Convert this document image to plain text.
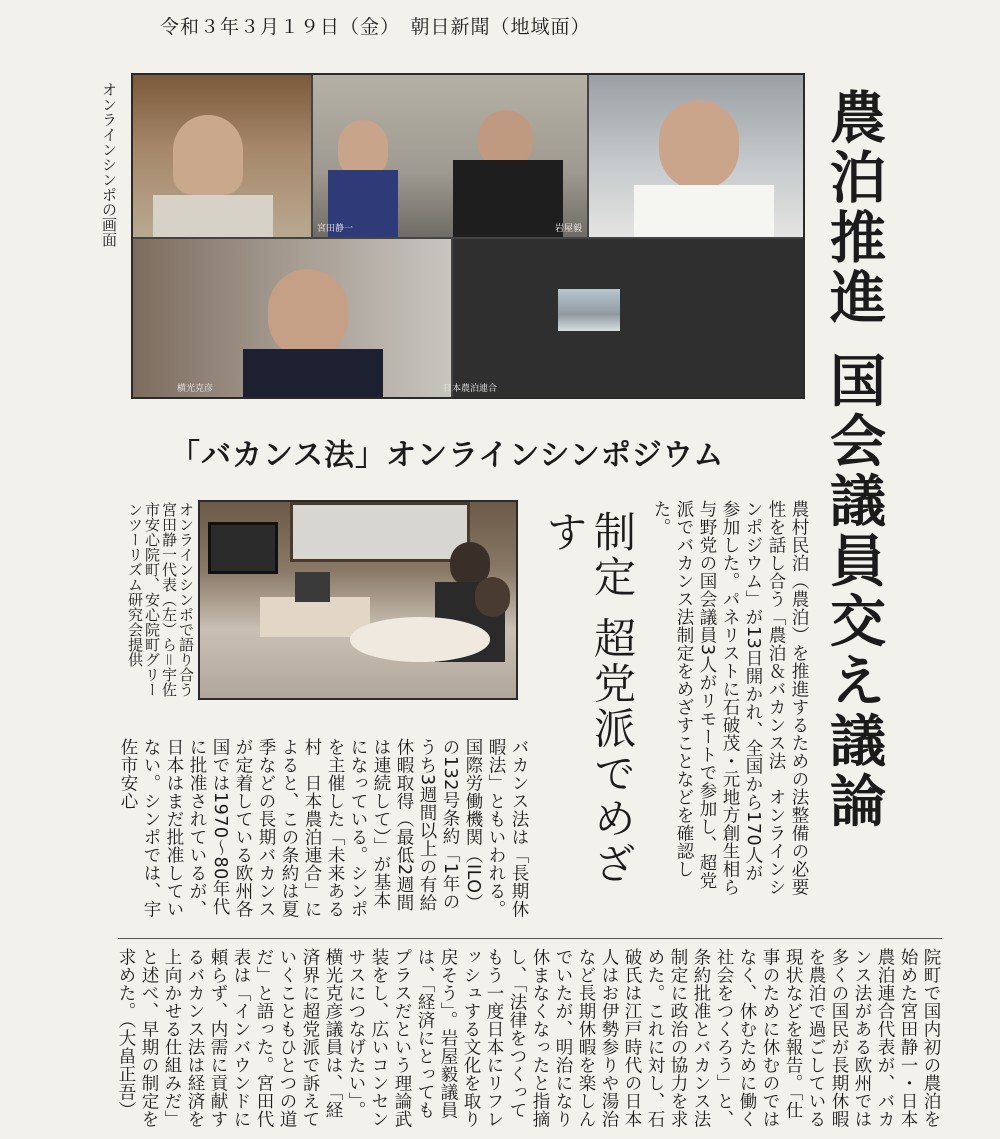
令和３年３月１９日（金）　朝日新聞（地域面）
宮田静一	岩屋毅
横光克彦	日本農泊連合
オンラインシンポの画面	農泊推進 国会議員交え議論
「バカンス法」オンラインシンポジウム
制定 超党派でめざす	農村民泊（農泊）を推進するための法整備の必要性を話し合う「農泊＆バカンス法　オンラインシンポジウム」が13日開かれ、全国から170人が参加した。パネリストに石破茂・元地方創生相ら与野党の国会議員3人がリモートで参加し、超党派でバカンス法制定をめざすことなどを確認した。
オンラインシンポで語り合う宮田静一代表（左）ら＝宇佐市安心院町、安心院町グリーンツーリズム研究会提供
バカンス法は「長期休暇法」ともいわれる。国際労働機関（ILO）の132号条約「1年のうち3週間以上の有給休暇取得（最低2週間は連続して）」が基本になっている。シンポを主催した「未来ある村　日本農泊連合」によると、この条約は夏季などの長期バカンスが定着している欧州各国では1970〜80年代に批准されているが、日本はまだ批准していない。シンポでは、宇佐市安心
院町で国内初の農泊を始めた宮田静一・日本農泊連合代表が、バカンス法がある欧州では多くの国民が長期休暇を農泊で過ごしている現状などを報告。「仕事のために休むのではなく、休むために働く社会をつくろう」と、条約批准とバカンス法制定に政治の協力を求めた。これに対し、石破氏は江戸時代の日本人はお伊勢参りや湯治など長期休暇を楽しんでいたが、明治になり休まなくなったと指摘し、「法律をつくってもう一度日本にリフレッシュする文化を取り戻そう」。岩屋毅議員は、「経済にとってもプラスだという理論武装をし、広いコンセンサスにつなげたい」。横光克彦議員は、「経済界に超党派で訴えていくこともひとつの道だ」と語った。宮田代表は「インバウンドに頼らず、内需に貢献するバカンス法は経済を上向かせる仕組みだ」と述べ、早期の制定を求めた。（大畠正吾）
